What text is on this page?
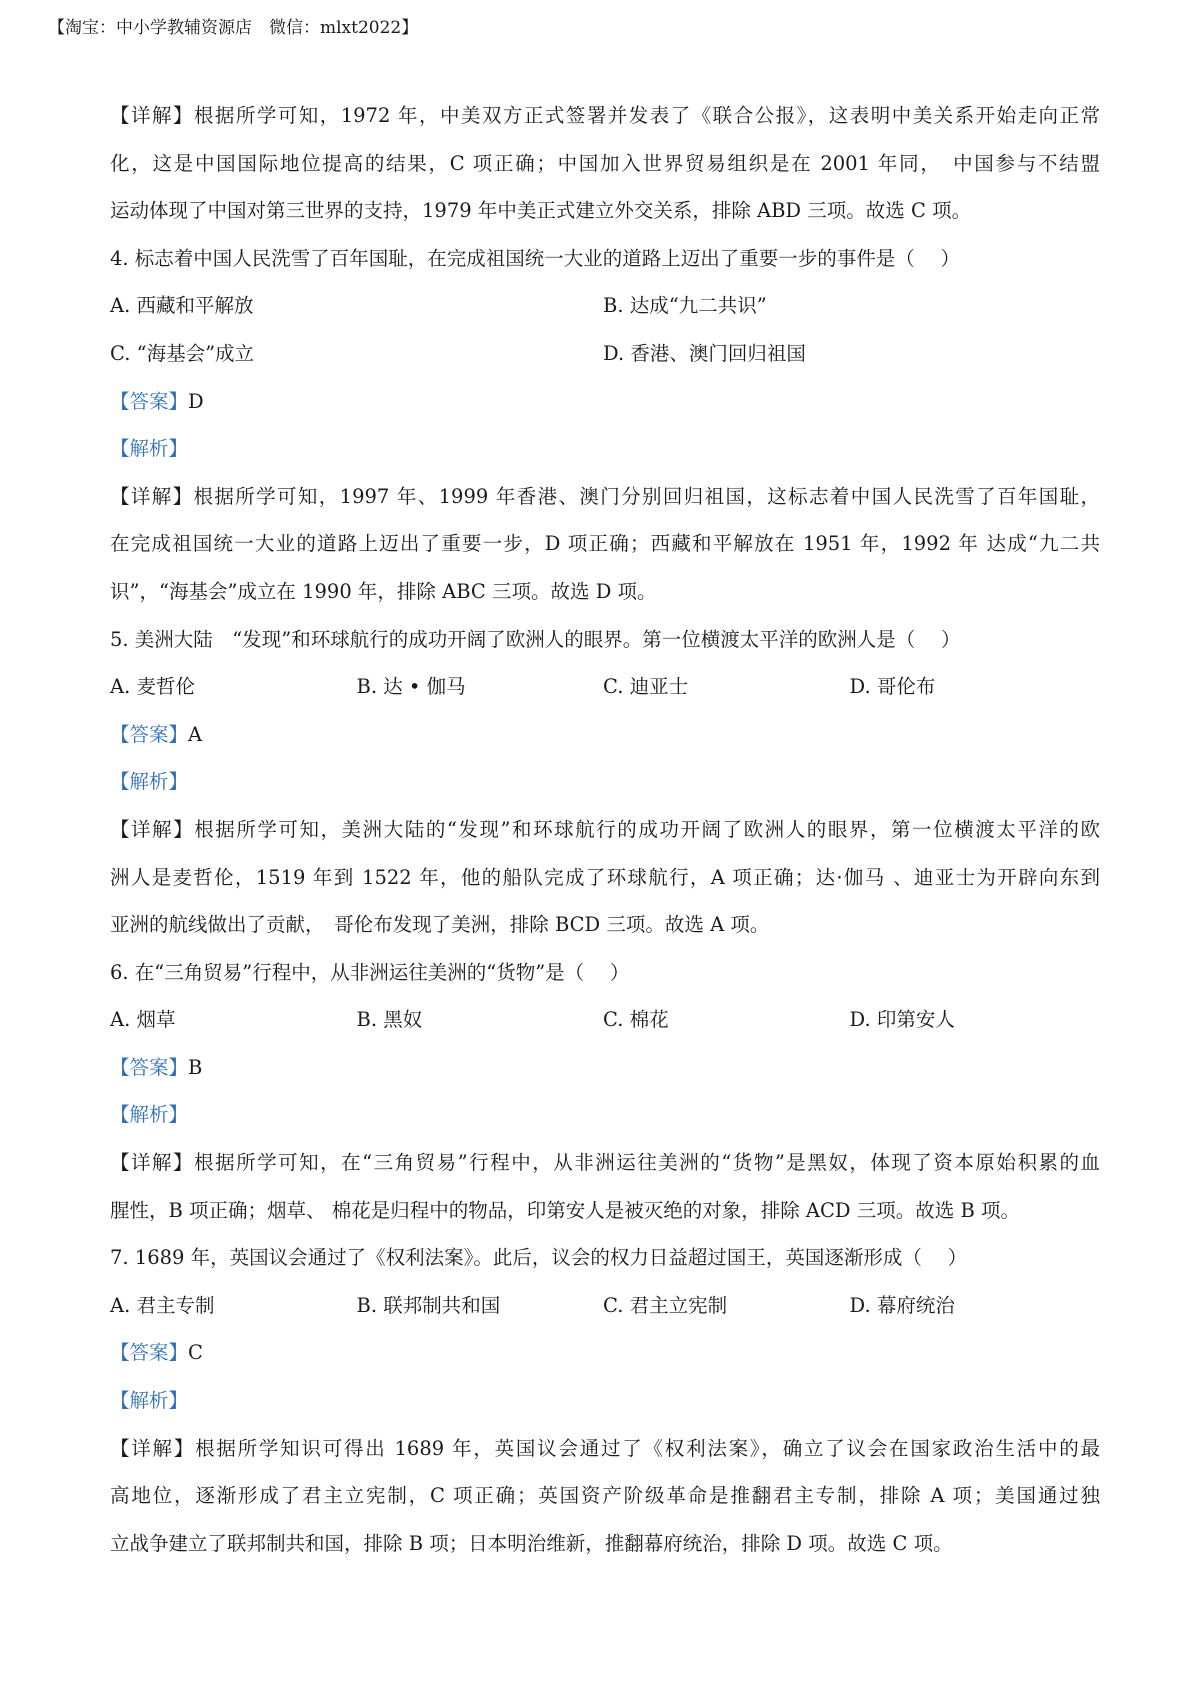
【淘宝：中小学教辅资源店　微信：mlxt2022】
【详解】根据所学可知，1972 年，中美双方正式签署并发表了《联合公报》，这表明中美关系开始走向正常
化，这是中国国际地位提高的结果，C 项正确；中国加入世界贸易组织是在 2001 年同，　中国参与不结盟
运动体现了中国对第三世界的支持，1979 年中美正式建立外交关系，排除 ABD 三项。故选 C 项。
4. 标志着中国人民洗雪了百年国耻，在完成祖国统一大业的道路上迈出了重要一步的事件是（　 ）
A. 西藏和平解放	B. 达成“九二共识”
C. “海基会”成立	D. 香港、澳门回归祖国
【答案】D
【解析】
【详解】根据所学可知，1997 年、1999 年香港、澳门分别回归祖国，这标志着中国人民洗雪了百年国耻，
在完成祖国统一大业的道路上迈出了重要一步，D 项正确；西藏和平解放在 1951 年，1992 年 达成“九二共
识”，“海基会”成立在 1990 年，排除 ABC 三项。故选 D 项。
5. 美洲大陆　“发现”和环球航行的成功开阔了欧洲人的眼界。第一位横渡太平洋的欧洲人是（　 ）
A. 麦哲伦	B. 达 • 伽马	C. 迪亚士	D. 哥伦布
【答案】A
【解析】
【详解】根据所学可知，美洲大陆的“发现”和环球航行的成功开阔了欧洲人的眼界，第一位横渡太平洋的欧
洲人是麦哲伦，1519 年到 1522 年，他的船队完成了环球航行，A 项正确；达·伽马 、迪亚士为开辟向东到
亚洲的航线做出了贡献，　哥伦布发现了美洲，排除 BCD 三项。故选 A 项。
6. 在“三角贸易”行程中，从非洲运往美洲的“货物”是（　 ）
A. 烟草	B. 黑奴	C. 棉花	D. 印第安人
【答案】B
【解析】
【详解】根据所学可知，在“三角贸易”行程中，从非洲运往美洲的“货物”是黑奴，体现了资本原始积累的血
腥性，B 项正确；烟草、 棉花是归程中的物品，印第安人是被灭绝的对象，排除 ACD 三项。故选 B 项。
7. 1689 年，英国议会通过了《权利法案》。此后，议会的权力日益超过国王，英国逐渐形成（　 ）
A. 君主专制	B. 联邦制共和国	C. 君主立宪制	D. 幕府统治
【答案】C
【解析】
【详解】根据所学知识可得出 1689 年，英国议会通过了《权利法案》，确立了议会在国家政治生活中的最
高地位，逐渐形成了君主立宪制，C 项正确；英国资产阶级革命是推翻君主专制，排除 A 项；美国通过独
立战争建立了联邦制共和国，排除 B 项；日本明治维新，推翻幕府统治，排除 D 项。故选 C 项。
